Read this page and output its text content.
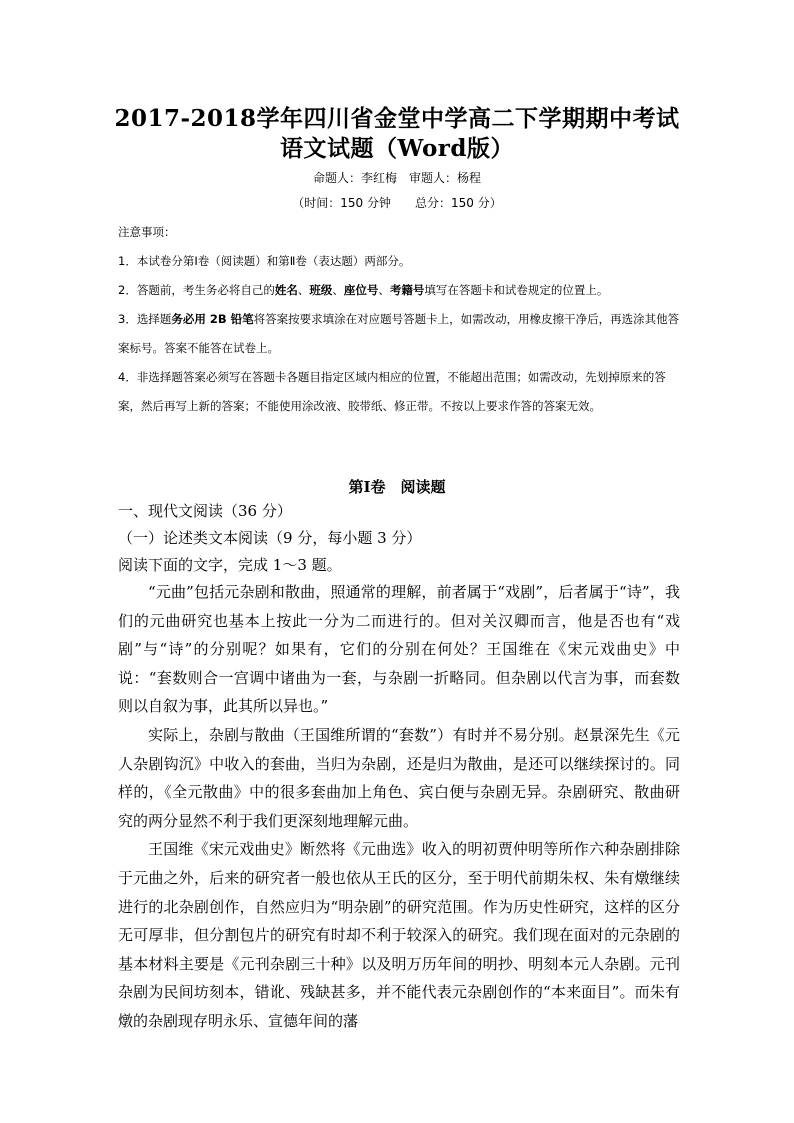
2017-2018学年四川省金堂中学高二下学期期中考试
语文试题（Word版）
命题人：李红梅　审题人：杨程
（时间：150 分钟　　总分：150 分）
注意事项：
1．本试卷分第Ⅰ卷（阅读题）和第Ⅱ卷（表达题）两部分。
2．答题前，考生务必将自己的姓名、班级、座位号、考籍号填写在答题卡和试卷规定的位置上。
3．选择题务必用 2B 铅笔将答案按要求填涂在对应题号答题卡上，如需改动，用橡皮擦干净后，再选涂其他答案标号。答案不能答在试卷上。
4．非选择题答案必须写在答题卡各题目指定区域内相应的位置，不能超出范围；如需改动，先划掉原来的答案，然后再写上新的答案；不能使用涂改液、胶带纸、修正带。不按以上要求作答的答案无效。
第Ⅰ卷　阅读题
一、现代文阅读（36 分）
（一）论述类文本阅读（9 分，每小题 3 分）
阅读下面的文字，完成 1～3 题。

“元曲”包括元杂剧和散曲，照通常的理解，前者属于“戏剧”，后者属于“诗”，我们的元曲研究也基本上按此一分为二而进行的。但对关汉卿而言，他是否也有“戏剧”与“诗”的分别呢？如果有，它们的分别在何处？王国维在《宋元戏曲史》中说：“套数则合一宫调中诸曲为一套，与杂剧一折略同。但杂剧以代言为事，而套数则以自叙为事，此其所以异也。”

实际上，杂剧与散曲（王国维所谓的“套数”）有时并不易分别。赵景深先生《元人杂剧钩沉》中收入的套曲，当归为杂剧，还是归为散曲，是还可以继续探讨的。同样的，《全元散曲》中的很多套曲加上角色、宾白便与杂剧无异。杂剧研究、散曲研究的两分显然不利于我们更深刻地理解元曲。

王国维《宋元戏曲史》断然将《元曲选》收入的明初贾仲明等所作六种杂剧排除于元曲之外，后来的研究者一般也依从王氏的区分，至于明代前期朱权、朱有燉继续进行的北杂剧创作，自然应归为“明杂剧”的研究范围。作为历史性研究，这样的区分无可厚非，但分割包片的研究有时却不利于较深入的研究。我们现在面对的元杂剧的基本材料主要是《元刊杂剧三十种》以及明万历年间的明抄、明刻本元人杂剧。元刊杂剧为民间坊刻本，错讹、残缺甚多，并不能代表元杂剧创作的“本来面目”。而朱有燉的杂剧现存明永乐、宣德年间的藩
